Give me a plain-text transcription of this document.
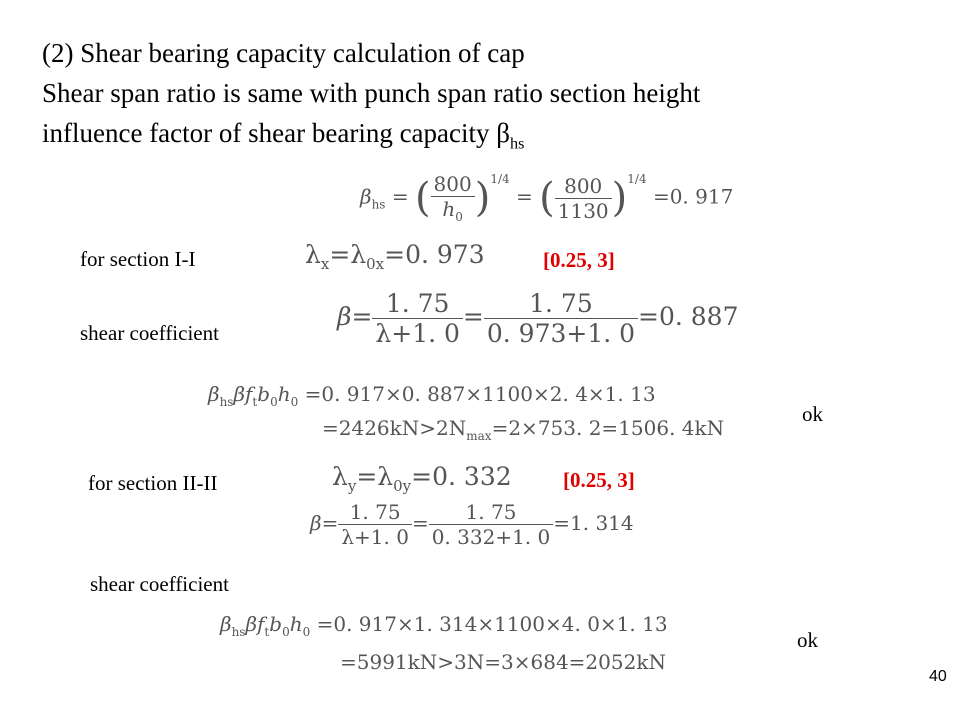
(2) Shear bearing capacity calculation of cap
Shear span ratio is same with punch span ratio section height
influence factor of shear bearing capacity $\beta_{hs}$
$\beta_{hs}$ = ( $\frac{800}{h_0} )^{1/4}$ = ( $\frac{800}{1130} )^{1/4} =0$. 917
for section I-I	$\lambda_x=\lambda_{0x}=0$. 973	[0.25, 3]
shear coefficient
$\beta= \frac{1. 75}{\lambda+1. 0} = \frac{1. 75}{0. 973+1. 0} =0$. 887
$\beta_{hs}\beta f_tb_0h_0 =0$. 917×0. 887×1100×2. 4×1. 13
$=2426kN>2N_{max}=2\times 753$. 2=1506. 4kN
ok
for section II-II	$\lambda_y=\lambda_{0y}=0$. 332 [0.25, 3]
$\beta= \frac{1. 75}{\lambda+1. 0} = \frac{1. 75}{0. 332+1. 0} =1$. 314
shear coefficient
$\beta_{hs}\beta f_tb_0h_0 =0$. 917×1. 314×1100×4. 0×1. 13
=5991kN>3N=3×684=2052kN
ok
40
